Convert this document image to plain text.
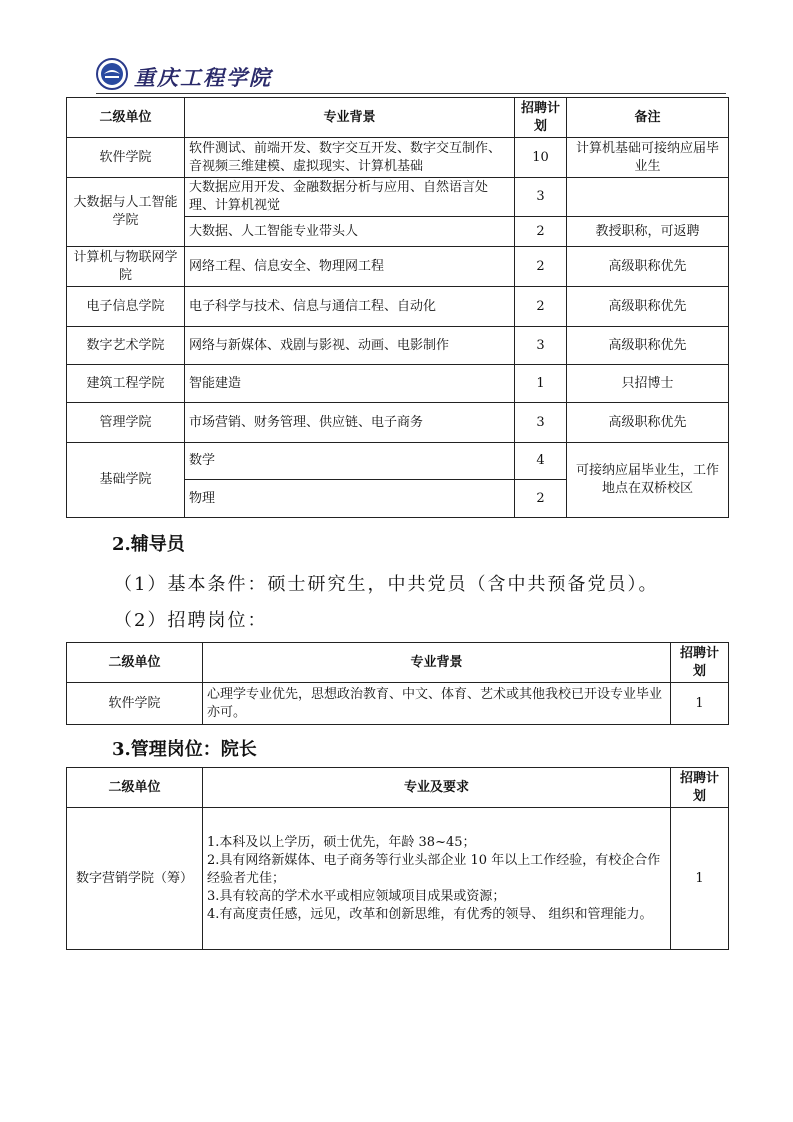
重庆工程学院
二级单位	专业背景	招聘计划	备注
软件学院	软件测试、前端开发、数字交互开发、数字交互制作、音视频三维建模、虚拟现实、计算机基础	10	计算机基础可接纳应届毕业生
大数据与人工智能学院	大数据应用开发、金融数据分析与应用、自然语言处理、计算机视觉	3	
	大数据、人工智能专业带头人	2	教授职称，可返聘
计算机与物联网学院	网络工程、信息安全、物理网工程	2	高级职称优先
电子信息学院	电子科学与技术、信息与通信工程、自动化	2	高级职称优先
数字艺术学院	网络与新媒体、戏剧与影视、动画、电影制作	3	高级职称优先
建筑工程学院	智能建造	1	只招博士
管理学院	市场营销、财务管理、供应链、电子商务	3	高级职称优先
基础学院	数学	4	可接纳应届毕业生，工作地点在双桥校区
	物理	2	
2.辅导员
（1）基本条件：硕士研究生，中共党员（含中共预备党员）。
（2）招聘岗位：
二级单位	专业背景	招聘计划
软件学院	心理学专业优先，思想政治教育、中文、体育、艺术或其他我校已开设专业毕业亦可。	1
3.管理岗位：院长
二级单位	专业及要求	招聘计划
数字营销学院（筹）	1.本科及以上学历，硕士优先，年龄 38~45；
2.具有网络新媒体、电子商务等行业头部企业 10 年以上工作经验，有校企合作经验者尤佳；
3.具有较高的学术水平或相应领域项目成果或资源；
4.有高度责任感，远见，改革和创新思维，有优秀的领导、 组织和管理能力。	1
